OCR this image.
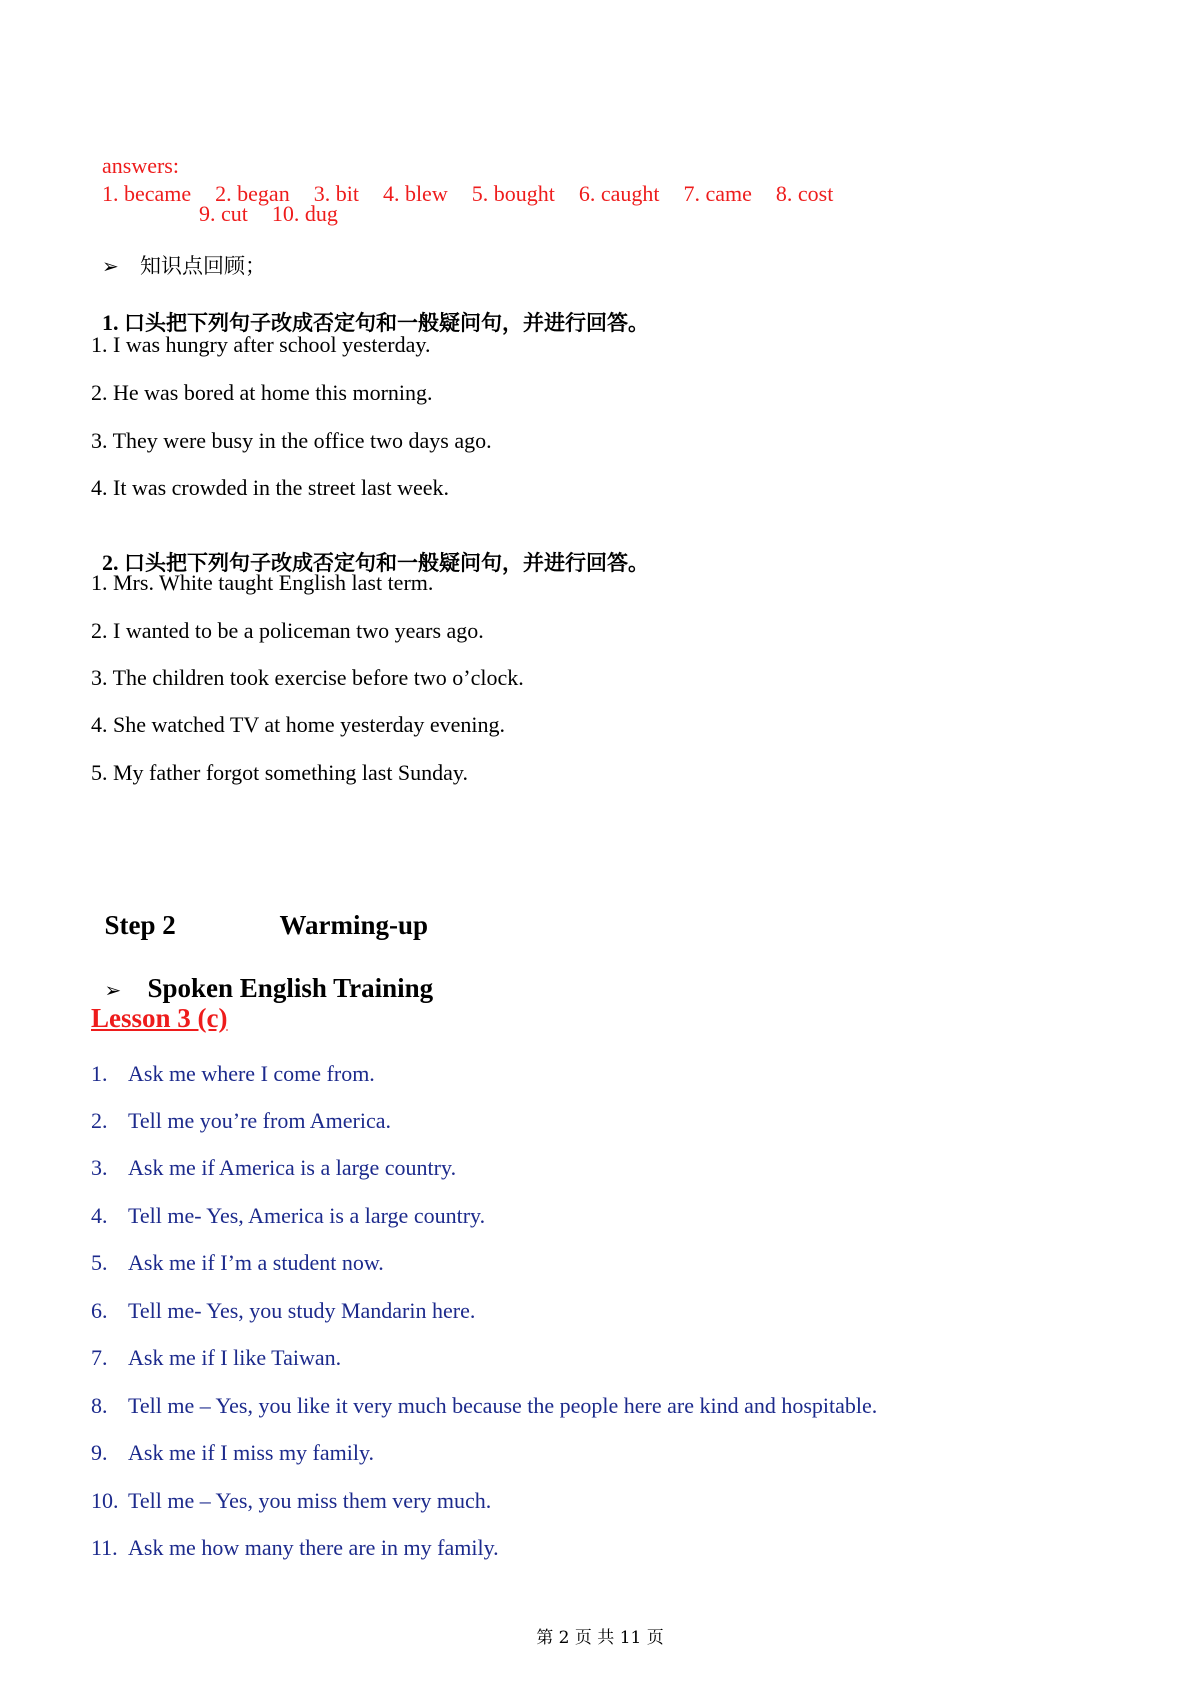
answers:
1. became 2. began 3. bit 4. blew 5. bought 6. caught 7. came 8. cost

9. cut 10. dug

➢ 知识点回顾；

1. 口头把下列句子改成否定句和一般疑问句，并进行回答。

1. I was hungry after school yesterday.
2. He was bored at home this morning.
3. They were busy in the office two days ago.
4. It was crowded in the street last week.

2. 口头把下列句子改成否定句和一般疑问句，并进行回答。

1. Mrs. White taught English last term.
2. I wanted to be a policeman two years ago.
3. The children took exercise before two o’clock.
4. She watched TV at home yesterday evening.
5. My father forgot something last Sunday.

Step 2	Warming-up

➢ Spoken English Training

Lesson 3 (c)
1. Ask me where I come from.
2. Tell me you’re from America.
3. Ask me if America is a large country.
4. Tell me- Yes, America is a large country.
5. Ask me if I’m a student now.
6. Tell me- Yes, you study Mandarin here.
7. Ask me if I like Taiwan.
8. Tell me – Yes, you like it very much because the people here are kind and hospitable.
9. Ask me if I miss my family.
10. Tell me – Yes, you miss them very much.
11. Ask me how many there are in my family.
第 2 页 共 11 页
